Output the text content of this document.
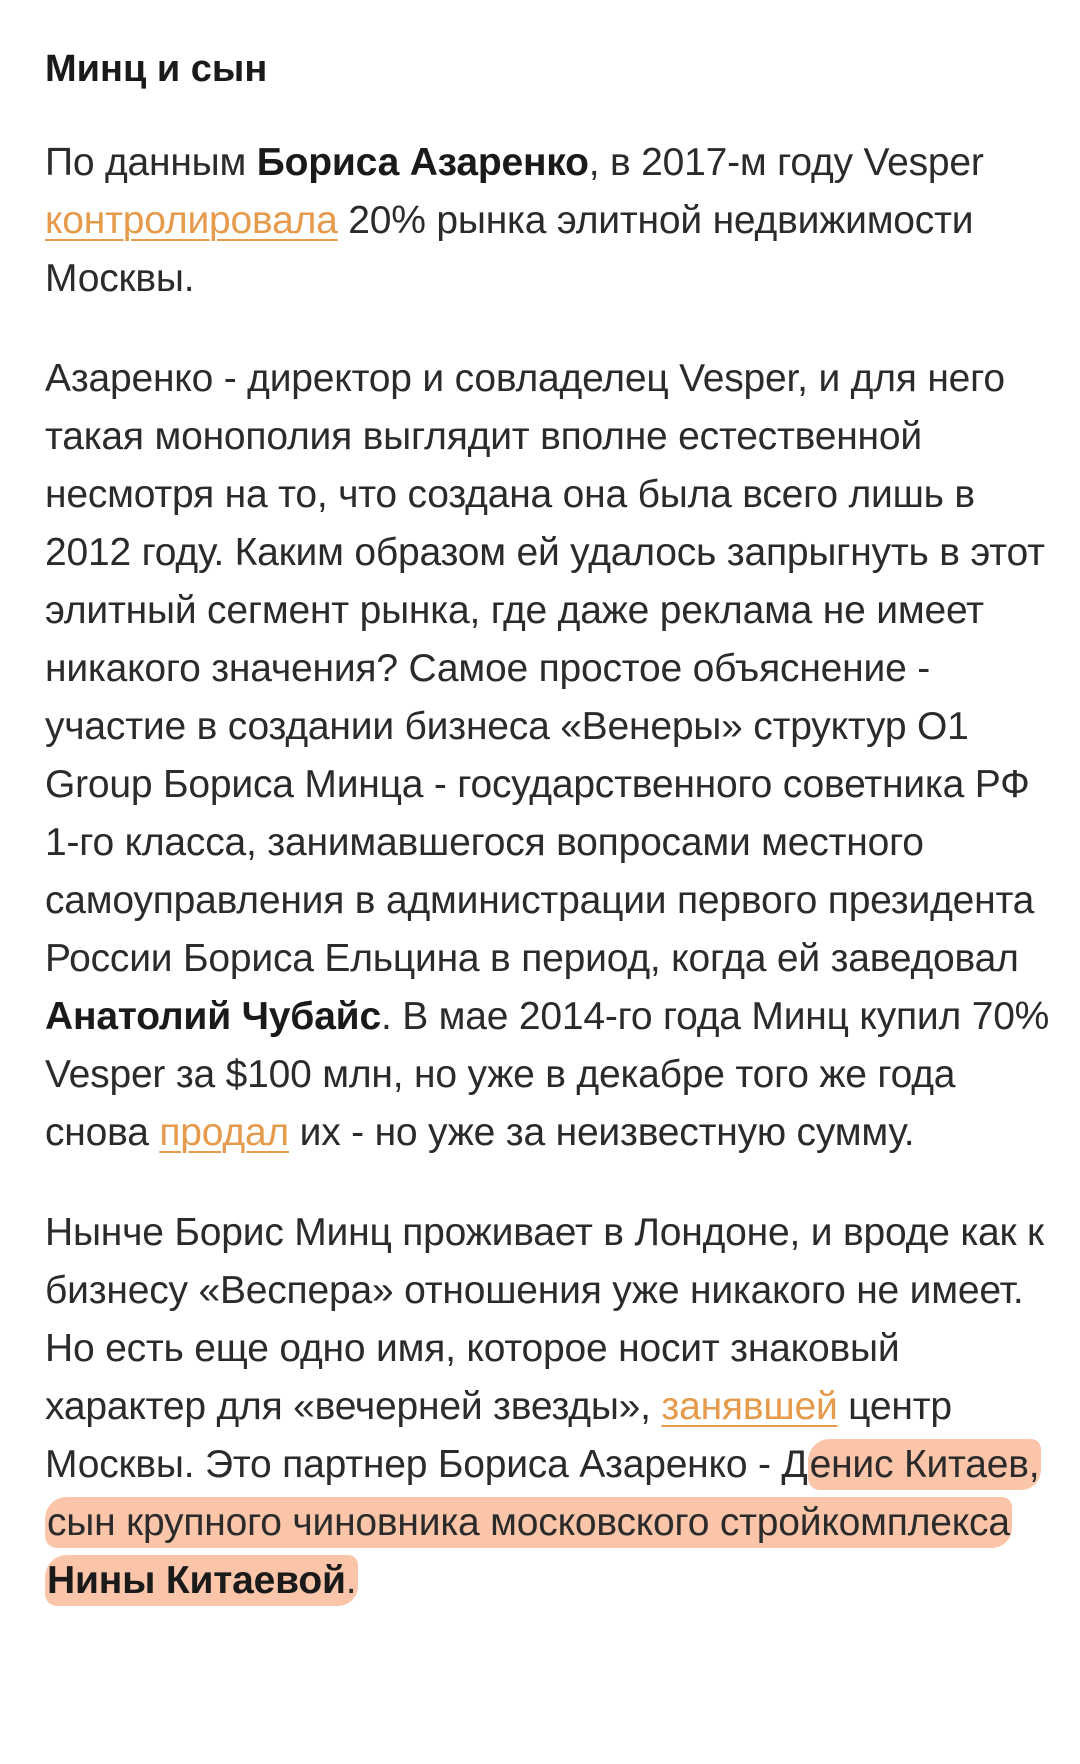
Минц и сын

По данным Бориса Азаренко, в 2017-м году Vesper контролировала 20% рынка элитной недвижимости Москвы.

Азаренко - директор и совладелец Vesper, и для него такая монополия выглядит вполне естественной несмотря на то, что создана она была всего лишь в 2012 году. Каким образом ей удалось запрыгнуть в этот элитный сегмент рынка, где даже реклама не имеет никакого значения? Самое простое объяснение - участие в создании бизнеса «Венеры» структур O1 Group Бориса Минца - государственного советника РФ 1-го класса, занимавшегося вопросами местного самоуправления в администрации первого президента России Бориса Ельцина в период, когда ей заведовал Анатолий Чубайс. В мае 2014-го года Минц купил 70% Vesper за $100 млн, но уже в декабре того же года снова продал их - но уже за неизвестную сумму.

Нынче Борис Минц проживает в Лондоне, и вроде как к бизнесу «Веспера» отношения уже никакого не имеет. Но есть еще одно имя, которое носит знаковый характер для «вечерней звезды», занявшей центр Москвы. Это партнер Бориса Азаренко - Денис Китаев, сын крупного чиновника московского стройкомплекса Нины Китаевой.
